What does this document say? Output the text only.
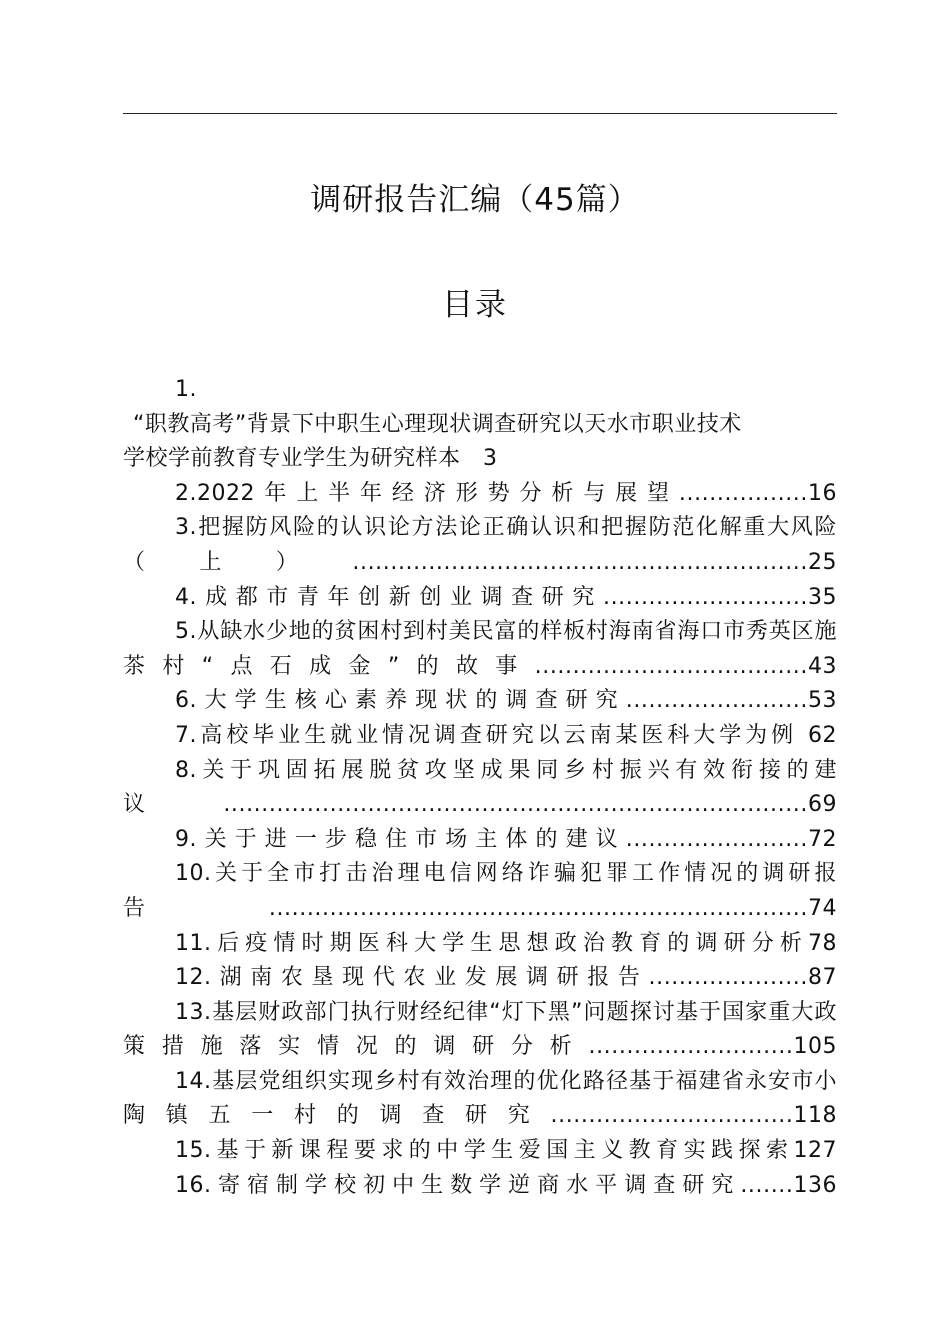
调研报告汇编（45篇）
目录

1.
“职教高考”背景下中职生心理现状调查研究以天水市职业技术
学校学前教育专业学生为研究样本 3

2.2022年上半年经济形势分析与展望.................16

3.把握防风险的认识论方法论正确认识和把握防范化解重大风险（上）............................................................25

4.成都市青年创新创业调查研究...........................35

5.从缺水少地的贫困村到村美民富的样板村海南省海口市秀英区施茶村“点石成金”的故事....................................43

6.大学生核心素养现状的调查研究........................53

7.高校毕业生就业情况调查研究以云南某医科大学为例 62

8.关于巩固拓展脱贫攻坚成果同乡村振兴有效衔接的建议.............................................................................69

9.关于进一步稳住市场主体的建议........................72

10.关于全市打击治理电信网络诈骗犯罪工作情况的调研报告.......................................................................74

11.后疫情时期医科大学生思想政治教育的调研分析78

12.湖南农垦现代农业发展调研报告.....................87

13.基层财政部门执行财经纪律“灯下黑”问题探讨基于国家重大政策措施落实情况的调研分析...........................105

14.基层党组织实现乡村有效治理的优化路径基于福建省永安市小陶镇五一村的调查研究................................118

15.基于新课程要求的中学生爱国主义教育实践探索127

16.寄宿制学校初中生数学逆商水平调查研究.......136
